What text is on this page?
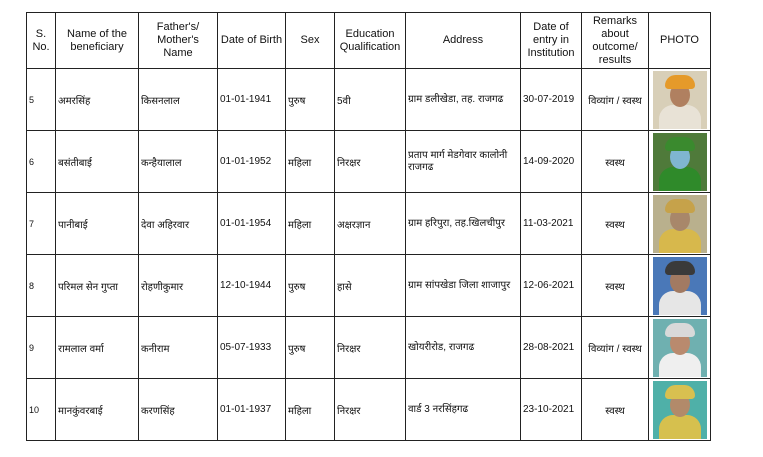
S. No.	Name of the beneficiary	Father's/ Mother's Name	Date of Birth	Sex	Education Qualification	Address	Date of entry in Institution	Remarks about outcome/ results	PHOTO
5	अमरसिंह	किसनलाल	01-01-1941	पुरुष	5वी	ग्राम डलीखेडा, तह. राजगढ	30-07-2019	विव्यांग / स्वस्थ	

6	बसंतीबाई	कन्हैयालाल	01-01-1952	महिला	निरक्षर	प्रताप मार्ग मेडगेवार कालोनी राजगढ	14-09-2020	स्वस्थ	

7	पानीबाई	देवा अहिरवार	01-01-1954	महिला	अक्षरज्ञान	ग्राम हरिपुरा, तह.खिलचीपुर	11-03-2021	स्वस्थ	

8	परिमल सेन गुप्ता	रोहणीकुमार	12-10-1944	पुरुष	हासे	ग्राम सांपखेडा जिला शाजापुर	12-06-2021	स्वस्थ	

9	रामलाल वर्मा	कनीराम	05-07-1933	पुरुष	निरक्षर	खोयरीरोड, राजगढ	28-08-2021	विव्यांग / स्वस्थ	

10	मानकुंवरबाई	करणसिंह	01-01-1937	महिला	निरक्षर	वार्ड 3 नरसिंहगढ	23-10-2021	स्वस्थ	
